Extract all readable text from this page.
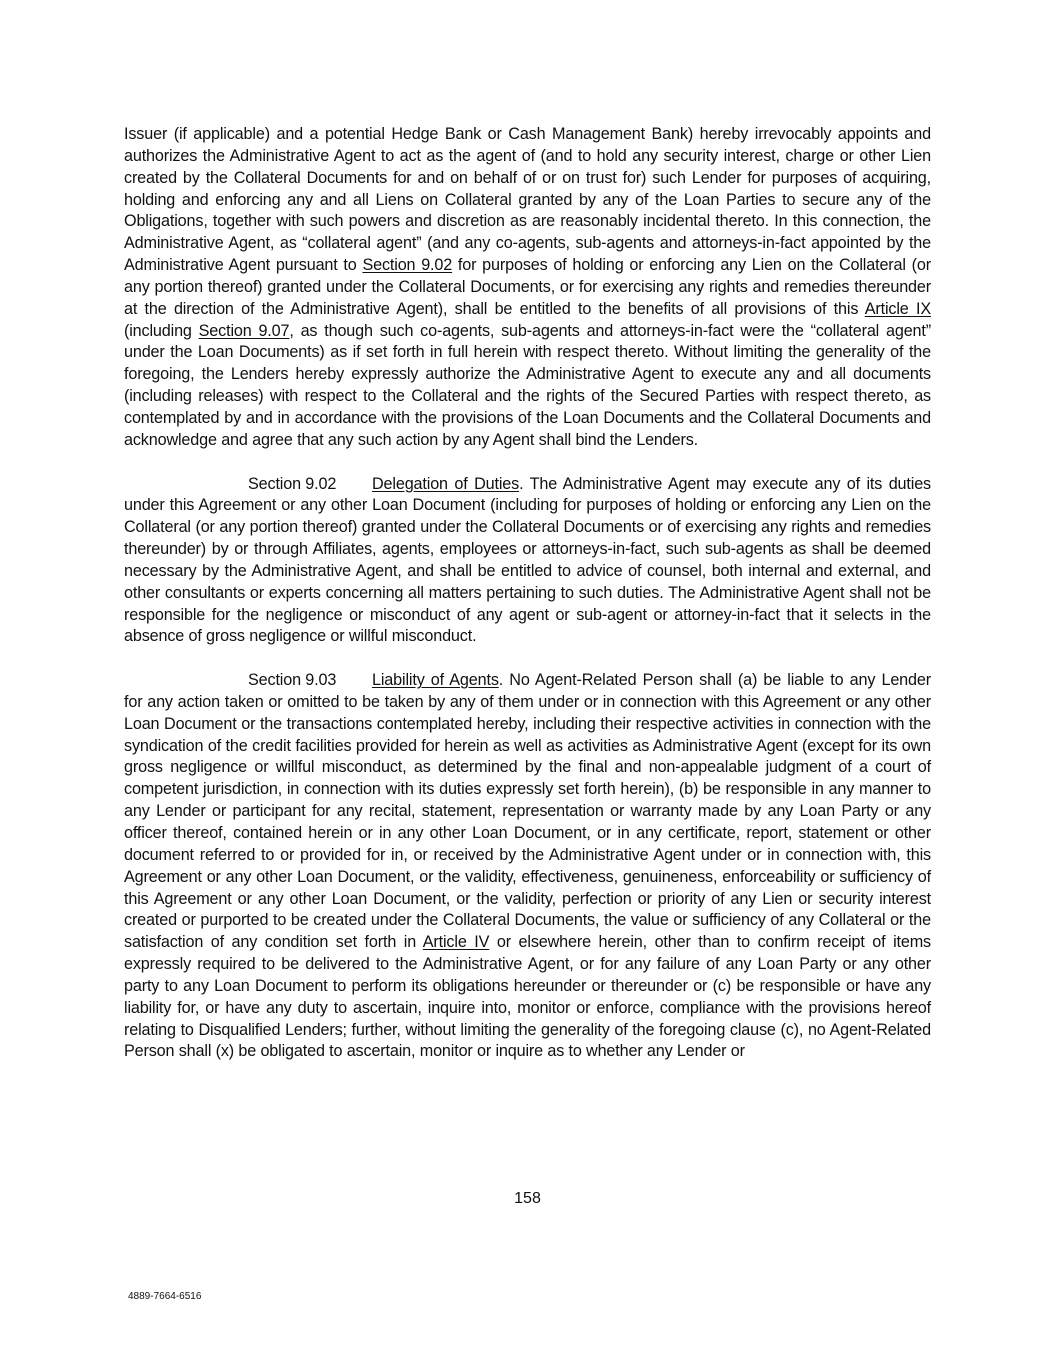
Issuer (if applicable) and a potential Hedge Bank or Cash Management Bank) hereby irrevocably appoints and authorizes the Administrative Agent to act as the agent of (and to hold any security interest, charge or other Lien created by the Collateral Documents for and on behalf of or on trust for) such Lender for purposes of acquiring, holding and enforcing any and all Liens on Collateral granted by any of the Loan Parties to secure any of the Obligations, together with such powers and discretion as are reasonably incidental thereto. In this connection, the Administrative Agent, as “collateral agent” (and any co-agents, sub-agents and attorneys-in-fact appointed by the Administrative Agent pursuant to Section 9.02 for purposes of holding or enforcing any Lien on the Collateral (or any portion thereof) granted under the Collateral Documents, or for exercising any rights and remedies thereunder at the direction of the Administrative Agent), shall be entitled to the benefits of all provisions of this Article IX (including Section 9.07, as though such co-agents, sub-agents and attorneys-in-fact were the “collateral agent” under the Loan Documents) as if set forth in full herein with respect thereto. Without limiting the generality of the foregoing, the Lenders hereby expressly authorize the Administrative Agent to execute any and all documents (including releases) with respect to the Collateral and the rights of the Secured Parties with respect thereto, as contemplated by and in accordance with the provisions of the Loan Documents and the Collateral Documents and acknowledge and agree that any such action by any Agent shall bind the Lenders.

Section 9.02 Delegation of Duties. The Administrative Agent may execute any of its duties under this Agreement or any other Loan Document (including for purposes of holding or enforcing any Lien on the Collateral (or any portion thereof) granted under the Collateral Documents or of exercising any rights and remedies thereunder) by or through Affiliates, agents, employees or attorneys-in-fact, such sub-agents as shall be deemed necessary by the Administrative Agent, and shall be entitled to advice of counsel, both internal and external, and other consultants or experts concerning all matters pertaining to such duties. The Administrative Agent shall not be responsible for the negligence or misconduct of any agent or sub-agent or attorney-in-fact that it selects in the absence of gross negligence or willful misconduct.

Section 9.03 Liability of Agents. No Agent-Related Person shall (a) be liable to any Lender for any action taken or omitted to be taken by any of them under or in connection with this Agreement or any other Loan Document or the transactions contemplated hereby, including their respective activities in connection with the syndication of the credit facilities provided for herein as well as activities as Administrative Agent (except for its own gross negligence or willful misconduct, as determined by the final and non-appealable judgment of a court of competent jurisdiction, in connection with its duties expressly set forth herein), (b) be responsible in any manner to any Lender or participant for any recital, statement, representation or warranty made by any Loan Party or any officer thereof, contained herein or in any other Loan Document, or in any certificate, report, statement or other document referred to or provided for in, or received by the Administrative Agent under or in connection with, this Agreement or any other Loan Document, or the validity, effectiveness, genuineness, enforceability or sufficiency of this Agreement or any other Loan Document, or the validity, perfection or priority of any Lien or security interest created or purported to be created under the Collateral Documents, the value or sufficiency of any Collateral or the satisfaction of any condition set forth in Article IV or elsewhere herein, other than to confirm receipt of items expressly required to be delivered to the Administrative Agent, or for any failure of any Loan Party or any other party to any Loan Document to perform its obligations hereunder or thereunder or (c) be responsible or have any liability for, or have any duty to ascertain, inquire into, monitor or enforce, compliance with the provisions hereof relating to Disqualified Lenders; further, without limiting the generality of the foregoing clause (c), no Agent-Related Person shall (x) be obligated to ascertain, monitor or inquire as to whether any Lender or

158
4889-7664-6516
